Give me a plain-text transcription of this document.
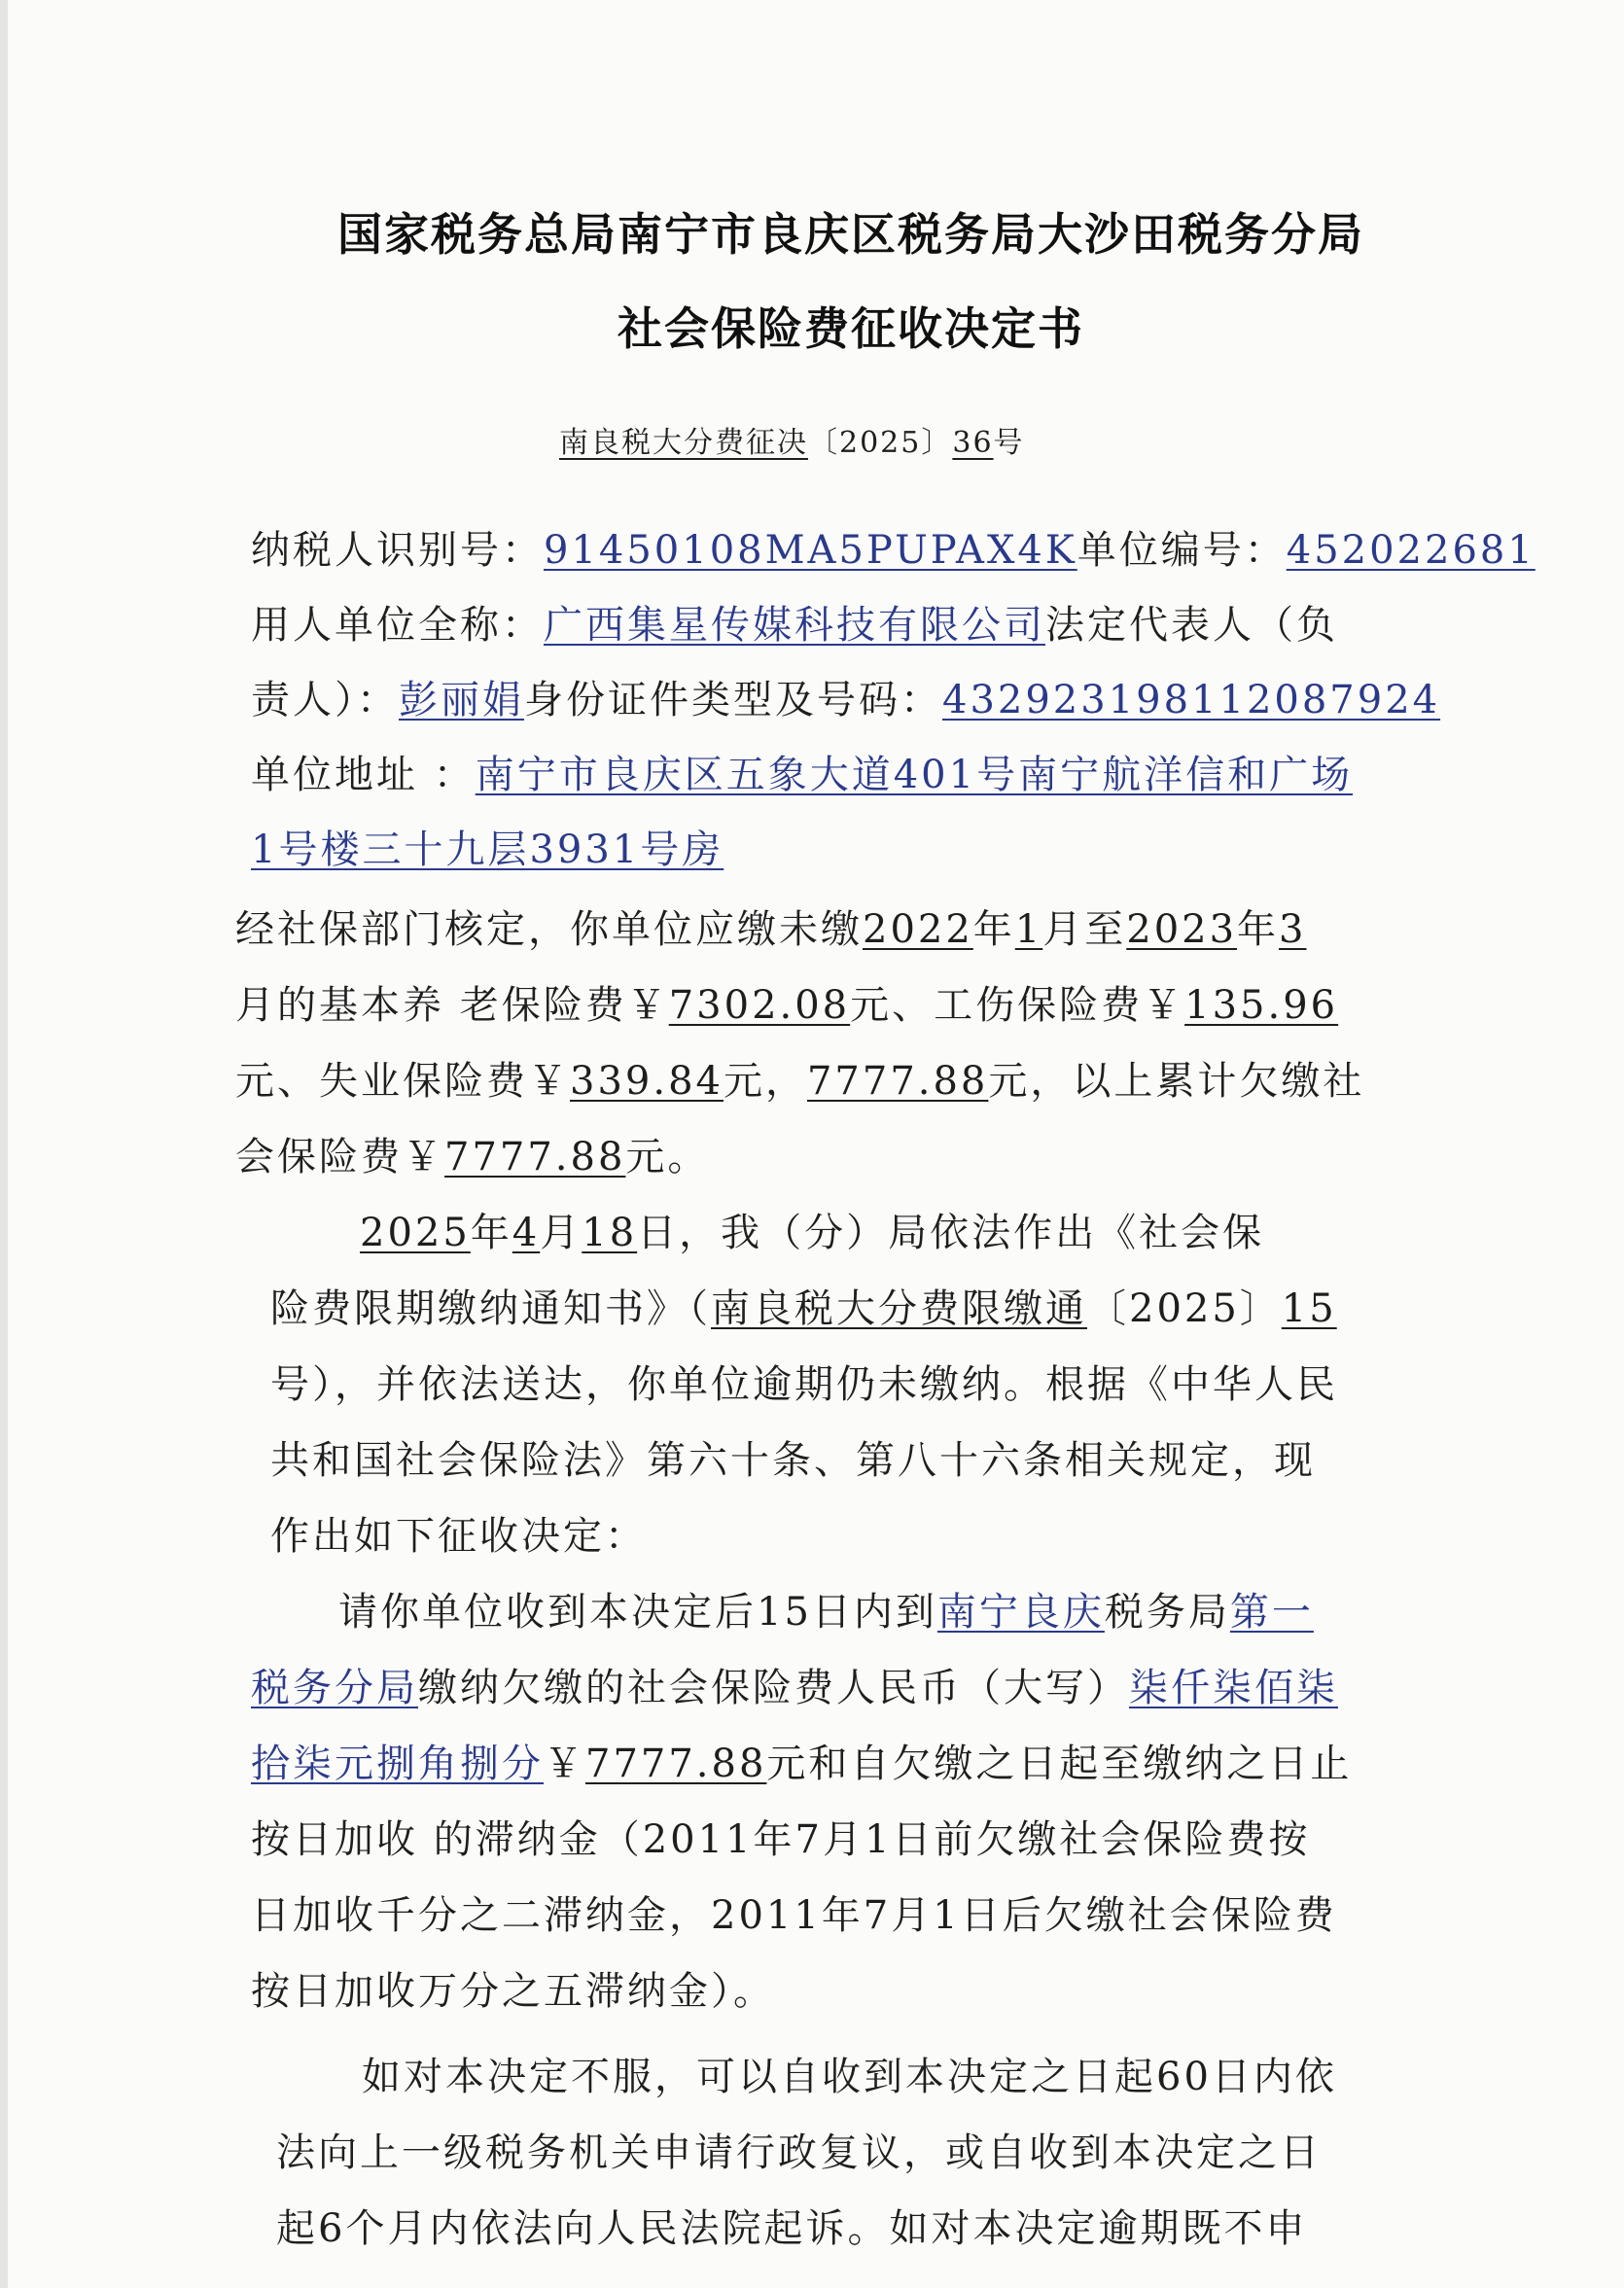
国家税务总局南宁市良庆区税务局大沙田税务分局
社会保险费征收决定书
南良税大分费征决〔2025〕36号
纳税人识别号：91450108MA5PUPAX4K单位编号：452022681
用人单位全称：广西集星传媒科技有限公司法定代表人（负
责人）：彭丽娟身份证件类型及号码：432923198112087924
单位地址 ：南宁市良庆区五象大道401号南宁航洋信和广场
1号楼三十九层3931号房
经社保部门核定，你单位应缴未缴2022年1月至2023年3
月的基本养 老保险费￥7302.08元、工伤保险费￥135.96
元、失业保险费￥339.84元，7777.88元，以上累计欠缴社
会保险费￥7777.88元。
2025年4月18日，我（分）局依法作出《社会保
险费限期缴纳通知书》（南良税大分费限缴通〔2025〕15
号），并依法送达，你单位逾期仍未缴纳。根据《中华人民
共和国社会保险法》第六十条、第八十六条相关规定，现
作出如下征收决定：
请你单位收到本决定后15日内到南宁良庆税务局第一
税务分局缴纳欠缴的社会保险费人民币（大写）柒仟柒佰柒
拾柒元捌角捌分￥7777.88元和自欠缴之日起至缴纳之日止
按日加收 的滞纳金（2011年7月1日前欠缴社会保险费按
日加收千分之二滞纳金，2011年7月1日后欠缴社会保险费
按日加收万分之五滞纳金）。
如对本决定不服，可以自收到本决定之日起60日内依
法向上一级税务机关申请行政复议，或自收到本决定之日
起6个月内依法向人民法院起诉。如对本决定逾期既不申
